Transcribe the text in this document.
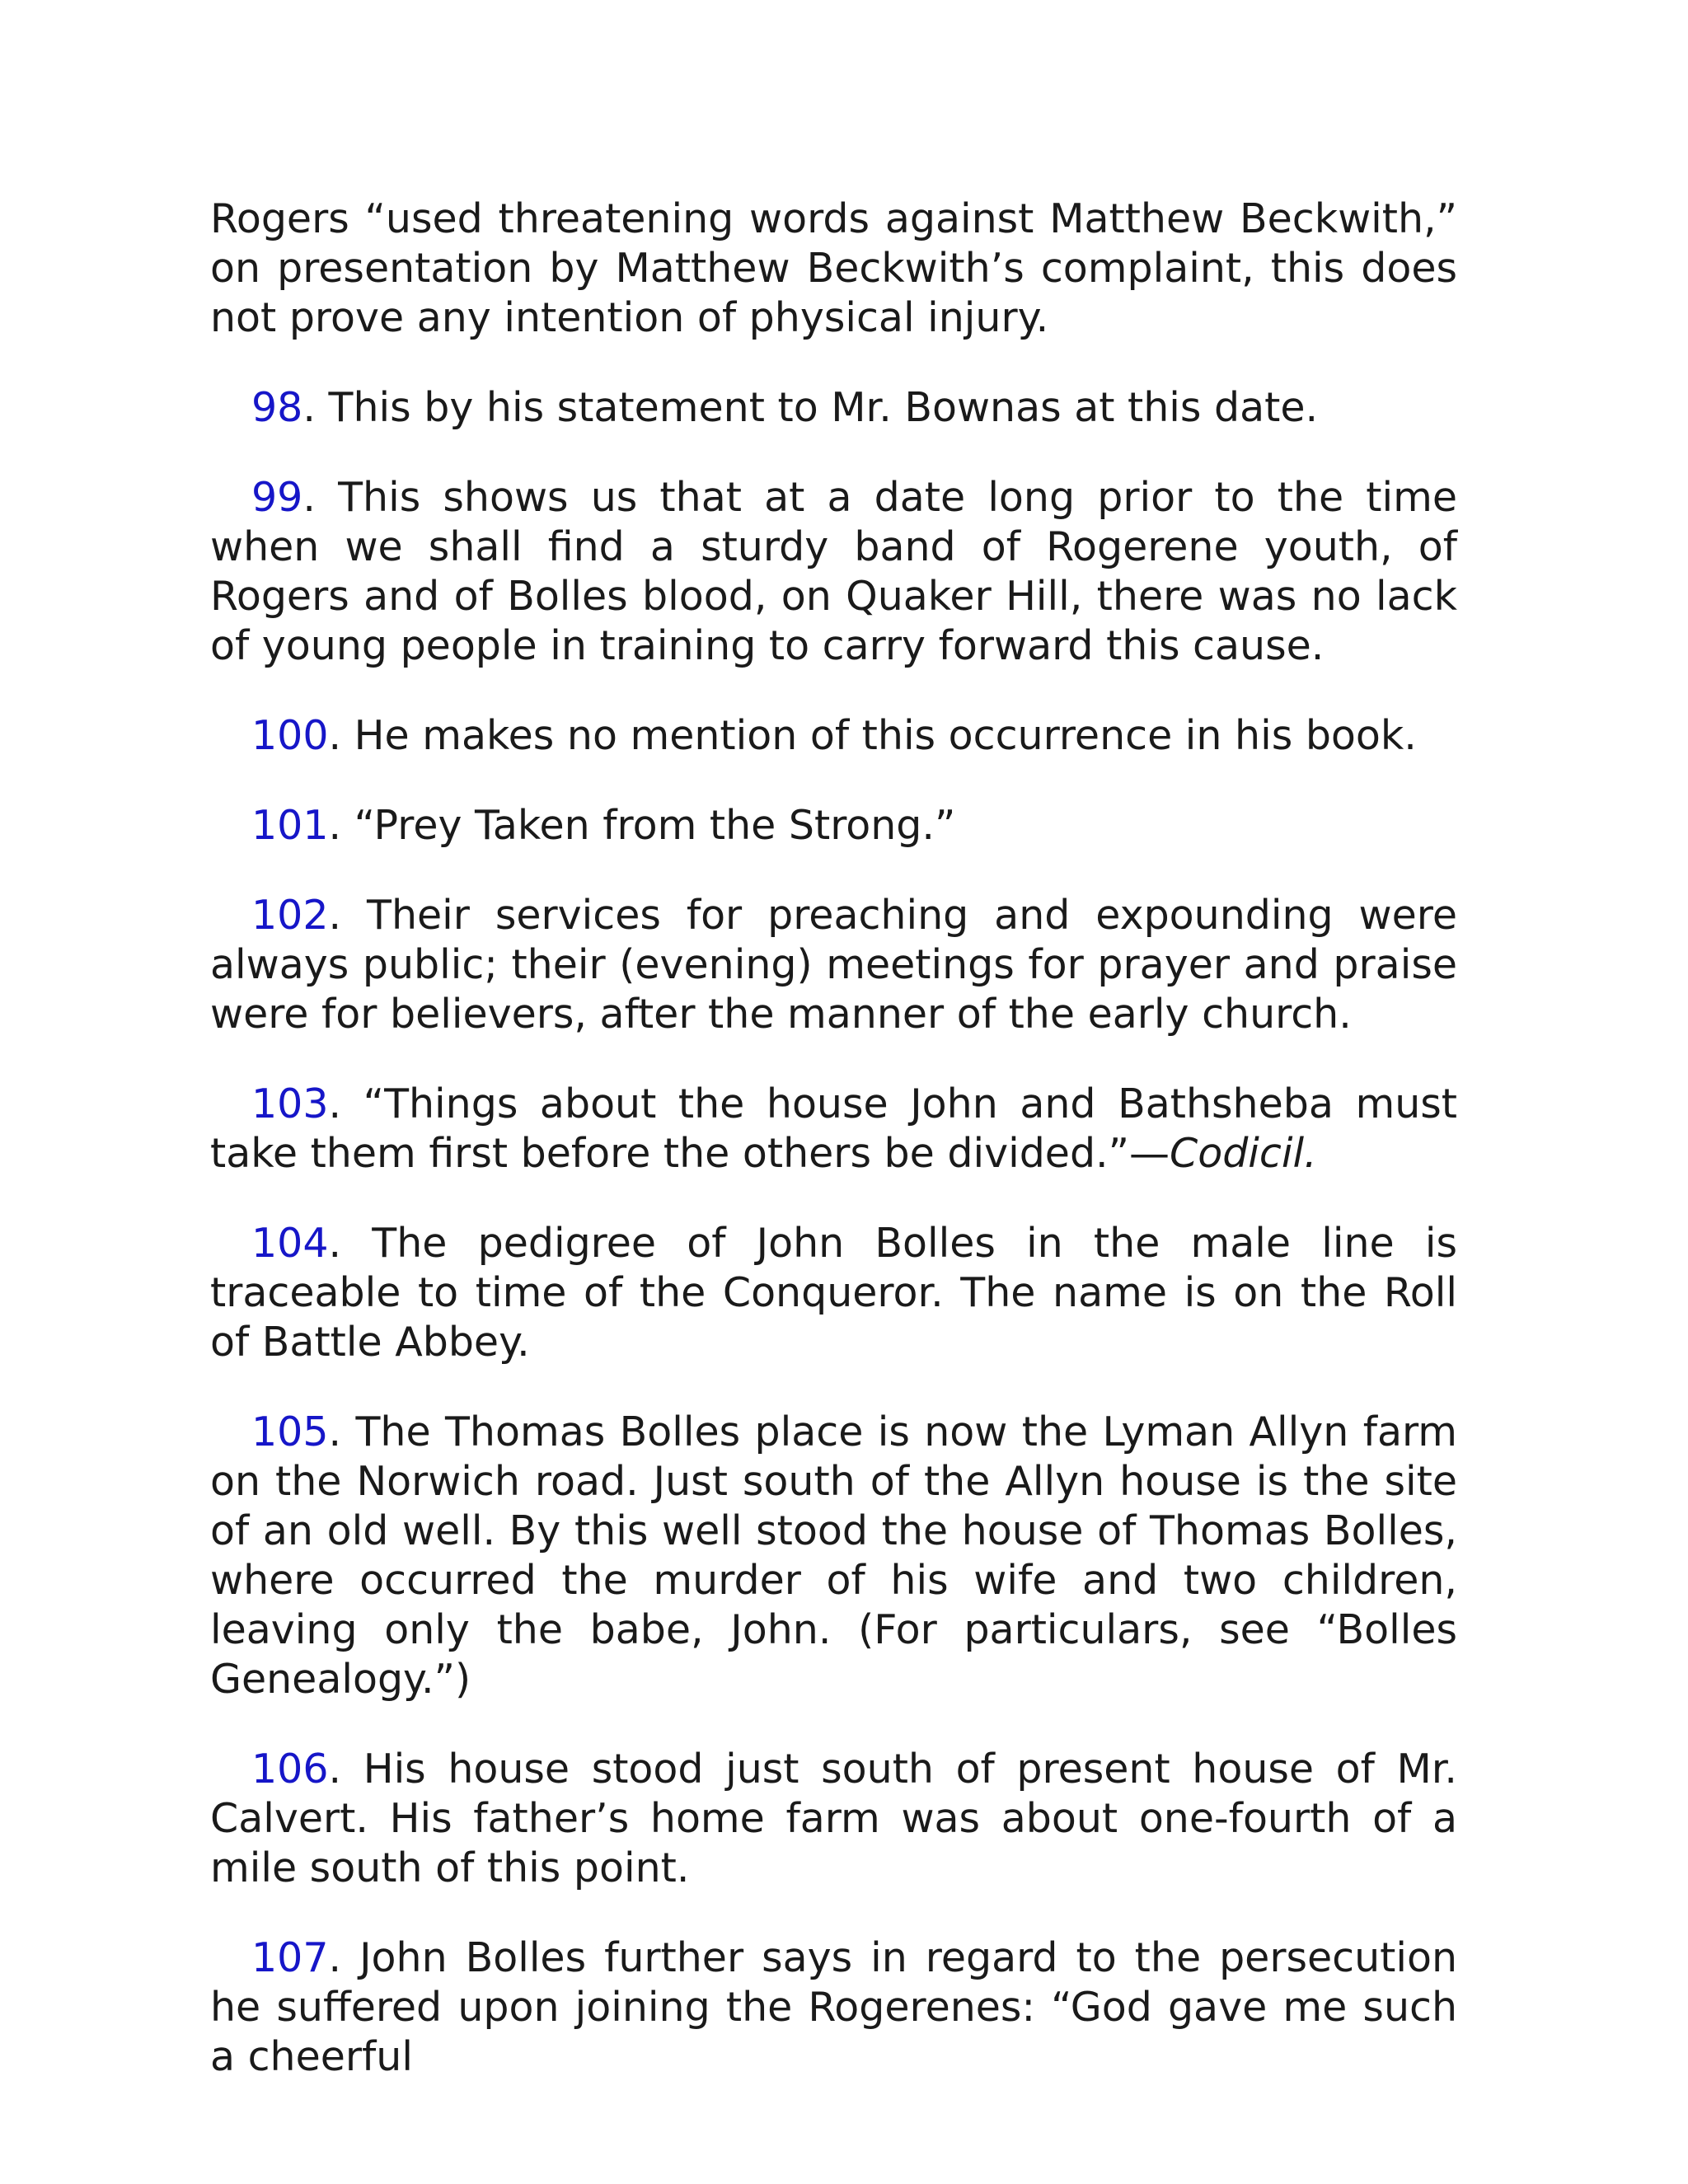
Rogers “used threatening words against Matthew Beckwith,” on presentation by Matthew Beckwith’s complaint, this does not prove any intention of physical injury.

98. This by his statement to Mr. Bownas at this date.

99. This shows us that at a date long prior to the time when we shall find a sturdy band of Rogerene youth, of Rogers and of Bolles blood, on Quaker Hill, there was no lack of young people in training to carry forward this cause.

100. He makes no mention of this occurrence in his book.

101. “Prey Taken from the Strong.”

102. Their services for preaching and expounding were always public; their (evening) meetings for prayer and praise were for believers, after the manner of the early church.

103. “Things about the house John and Bathsheba must take them first before the others be divided.”—Codicil.

104. The pedigree of John Bolles in the male line is traceable to time of the Conqueror. The name is on the Roll of Battle Abbey.

105. The Thomas Bolles place is now the Lyman Allyn farm on the Norwich road. Just south of the Allyn house is the site of an old well. By this well stood the house of Thomas Bolles, where occurred the murder of his wife and two children, leaving only the babe, John. (For particulars, see “Bolles Genealogy.”)

106. His house stood just south of present house of Mr. Calvert. His father’s home farm was about one-fourth of a mile south of this point.

107. John Bolles further says in regard to the persecution he suffered upon joining the Rogerenes: “God gave me such a cheerful
